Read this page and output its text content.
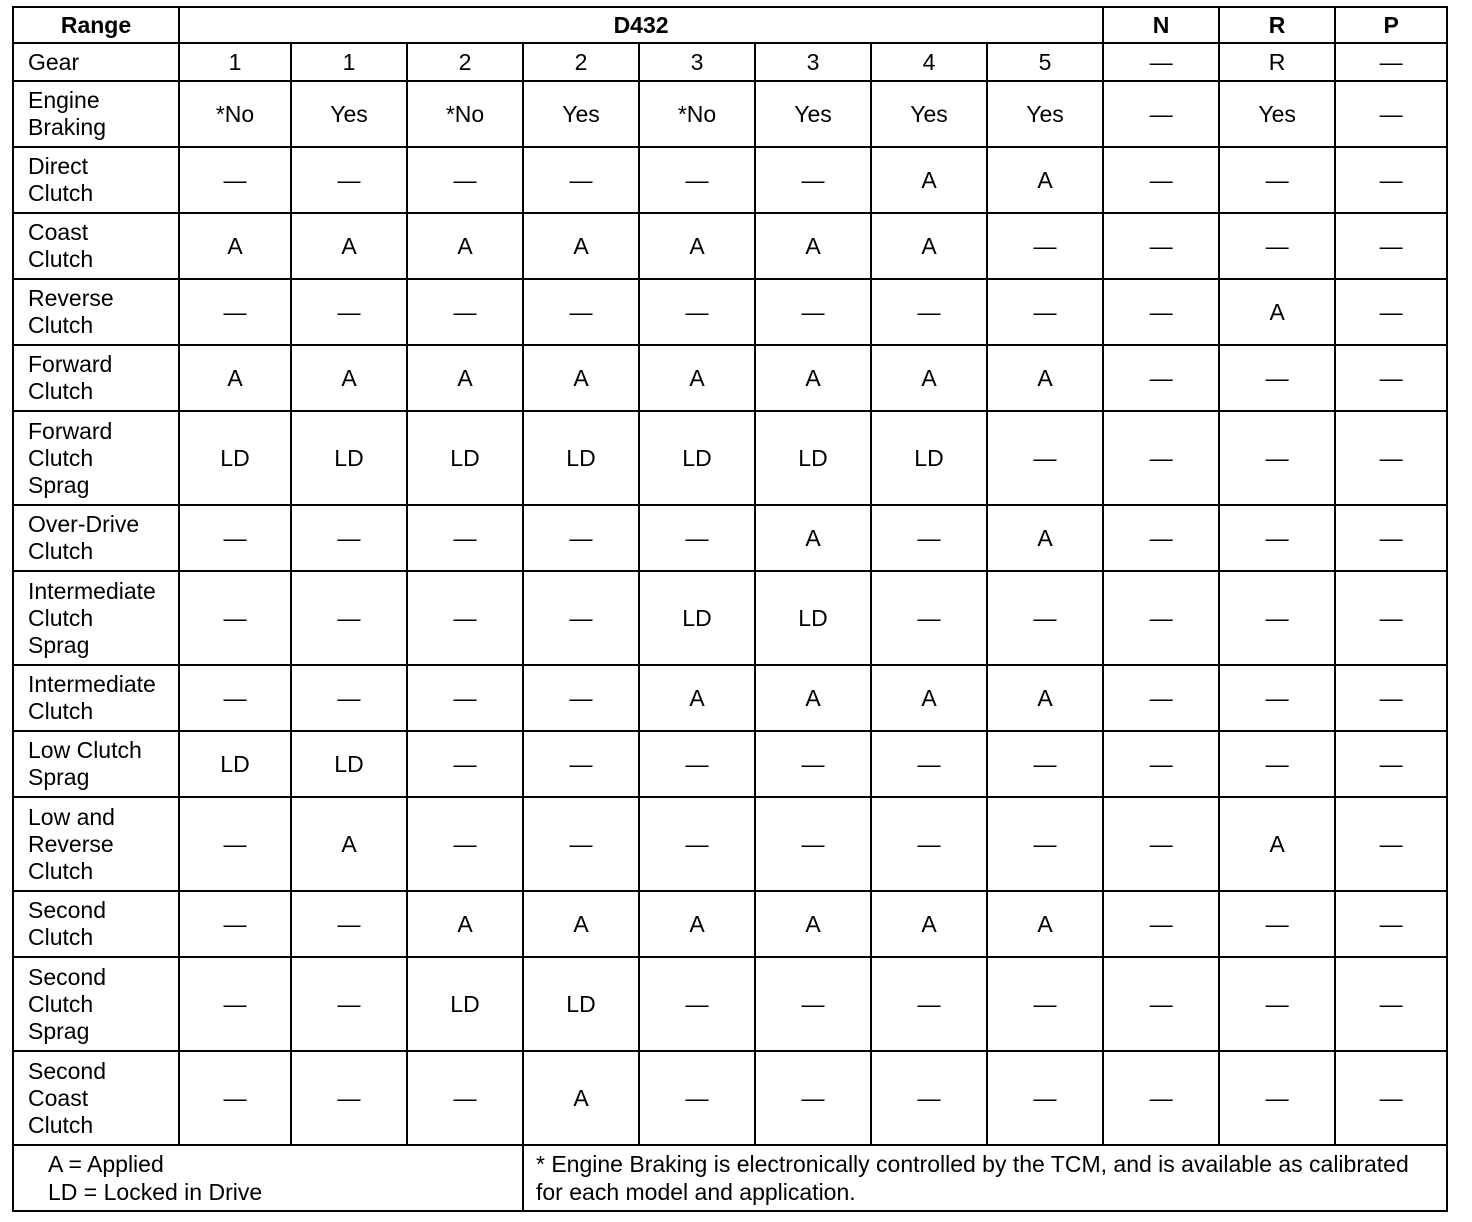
Range	D432								N	R	P
Gear	1	1	2	2	3	3	4	5	—	R	—
Engine
Braking	*No	Yes	*No	Yes	*No	Yes	Yes	Yes	—	Yes	—
Direct
Clutch	—	—	—	—	—	—	A	A	—	—	—
Coast
Clutch	A	A	A	A	A	A	A	—	—	—	—
Reverse
Clutch	—	—	—	—	—	—	—	—	—	A	—
Forward
Clutch	A	A	A	A	A	A	A	A	—	—	—
Forward
Clutch
Sprag	LD	LD	LD	LD	LD	LD	LD	—	—	—	—
Over-Drive
Clutch	—	—	—	—	—	A	—	A	—	—	—
Intermediate
Clutch
Sprag	—	—	—	—	LD	LD	—	—	—	—	—
Intermediate
Clutch	—	—	—	—	A	A	A	A	—	—	—
Low Clutch
Sprag	LD	LD	—	—	—	—	—	—	—	—	—
Low and
Reverse
Clutch	—	A	—	—	—	—	—	—	—	A	—
Second
Clutch	—	—	A	A	A	A	A	A	—	—	—
Second
Clutch
Sprag	—	—	LD	LD	—	—	—	—	—	—	—
Second
Coast
Clutch	—	—	—	A	—	—	—	—	—	—	—
A = Applied
LD = Locked in Drive				* Engine Braking is electronically controlled by the TCM, and is available as calibrated for each model and application.							
